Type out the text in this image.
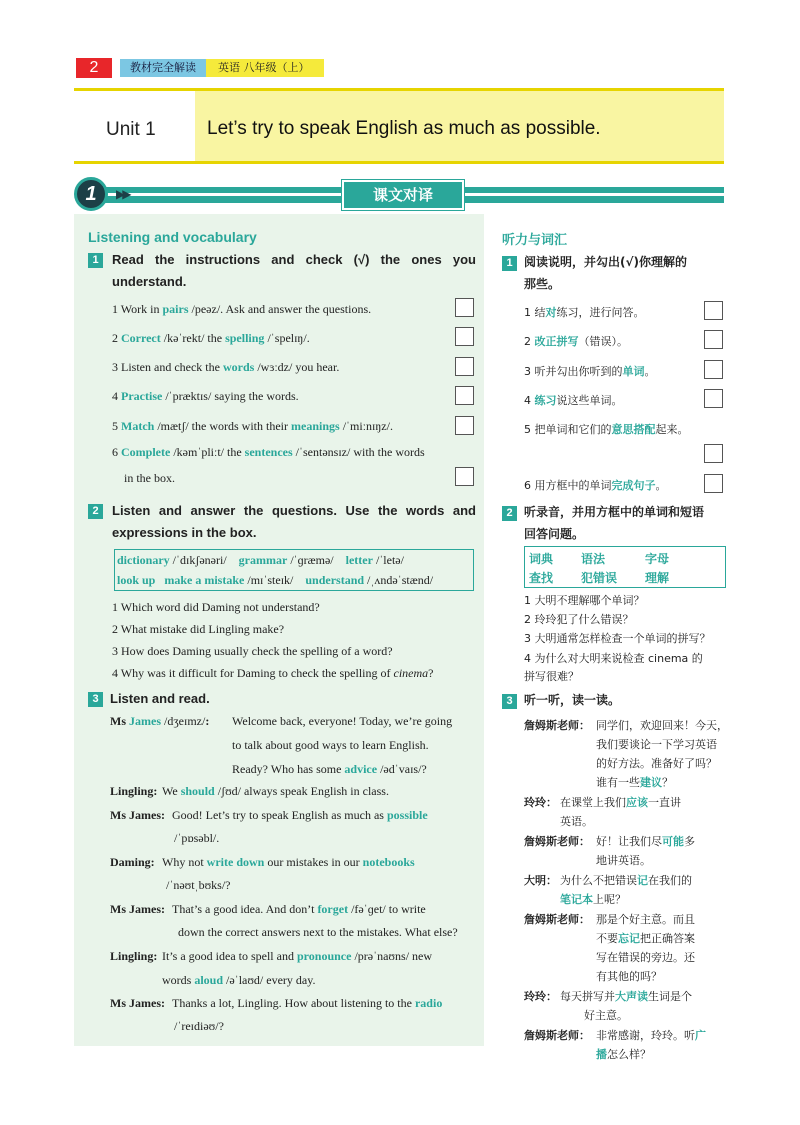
2	教材完全解读	英语 八年级（上）
Unit 1	Let’s try to speak English as much as possible.
1	▶▶	课文对译
Listening and vocabulary
1	Read the instructions and check (√) the ones you
understand.
1 Work in pairs /peəz/. Ask and answer the questions.
2 Correct /kəˈrekt/ the spelling /ˈspelɪŋ/.
3 Listen and check the words /wɜːdz/ you hear.
4 Practise /ˈpræktɪs/ saying the words.
5 Match /mætʃ/ the words with their meanings /ˈmiːnɪŋz/.
6 Complete /kəmˈpliːt/ the sentences /ˈsentənsɪz/ with the words
in the box.
2	Listen and answer the questions. Use the words and
expressions in the box.
dictionary /ˈdɪkʃənəri/ grammar /ˈɡræmə/ letter /ˈletə/
look up make a mistake /mɪˈsteɪk/ understand /ˌʌndəˈstænd/
1 Which word did Daming not understand?
2 What mistake did Lingling make?
3 How does Daming usually check the spelling of a word?
4 Why was it difficult for Daming to check the spelling of cinema?
3 Listen and read.
Ms James /dʒeɪmz/: Welcome back, everyone! Today, we’re going
to talk about good ways to learn English.
Ready? Who has some advice /ədˈvaɪs/?
Lingling: We should /ʃʊd/ always speak English in class.
Ms James: Good! Let’s try to speak English as much as possible
/ˈpɒsəbl/.
Daming: Why not write down our mistakes in our notebooks
/ˈnəʊtˌbʊks/?
Ms James: That’s a good idea. And don’t forget /fəˈɡet/ to write
down the correct answers next to the mistakes. What else?
Lingling: It’s a good idea to spell and pronounce /prəˈnaʊns/ new
words aloud /əˈlaʊd/ every day.
Ms James: Thanks a lot, Lingling. How about listening to the radio
/ˈreɪdiəʊ/?
听力与词汇
1 阅读说明，并勾出(√)你理解的
那些。
1 结对练习，进行问答。
2 改正拼写（错误）。
3 听并勾出你听到的单词。
4 练习说这些单词。
5 把单词和它们的意思搭配起来。
6 用方框中的单词完成句子。
2 听录音，并用方框中的单词和短语
回答问题。
词典 语法	字母
查找 犯错误 理解
1 大明不理解哪个单词？
2 玲玲犯了什么错误？
3 大明通常怎样检查一个单词的拼写？
4 为什么对大明来说检查 cinema 的
拼写很难？
3 听一听，读一读。
詹姆斯老师： 同学们，欢迎回来！今天，
我们要谈论一下学习英语
的好方法。准备好了吗？
谁有一些建议？
玲玲： 在课堂上我们应该一直讲
英语。
詹姆斯老师： 好！让我们尽可能多
地讲英语。
大明： 为什么不把错误记在我们的
笔记本上呢？
詹姆斯老师： 那是个好主意。而且
不要忘记把正确答案
写在错误的旁边。还
有其他的吗？
玲玲： 每天拼写并大声读生词是个
好主意。
詹姆斯老师： 非常感谢，玲玲。听广
播怎么样？
